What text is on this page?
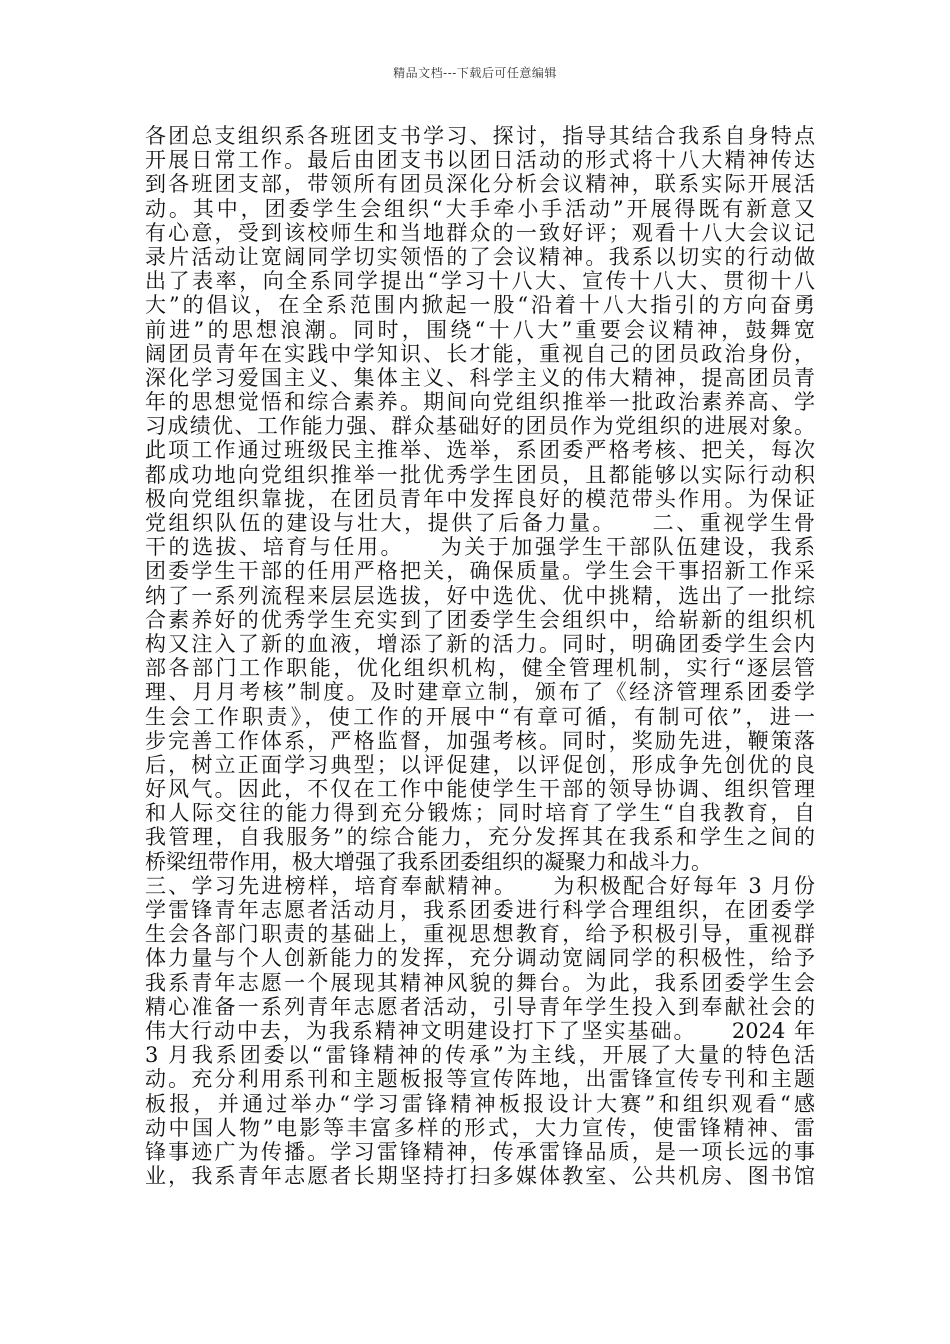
精品文档---下载后可任意编辑
各团总支组织系各班团支书学习、探讨，指导其结合我系自身特点
开展日常工作。最后由团支书以团日活动的形式将十八大精神传达
到各班团支部，带领所有团员深化分析会议精神，联系实际开展活
动。其中，团委学生会组织“大手牵小手活动”开展得既有新意又
有心意，受到该校师生和当地群众的一致好评；观看十八大会议记
录片活动让宽阔同学切实领悟的了会议精神。我系以切实的行动做
出了表率，向全系同学提出“学习十八大、宣传十八大、贯彻十八
大”的倡议，在全系范围内掀起一股“沿着十八大指引的方向奋勇
前进”的思想浪潮。同时，围绕“十八大”重要会议精神，鼓舞宽
阔团员青年在实践中学知识、长才能，重视自己的团员政治身份，
深化学习爱国主义、集体主义、科学主义的伟大精神，提高团员青
年的思想觉悟和综合素养。期间向党组织推举一批政治素养高、学
习成绩优、工作能力强、群众基础好的团员作为党组织的进展对象。
此项工作通过班级民主推举、选举，系团委严格考核、把关，每次
都成功地向党组织推举一批优秀学生团员，且都能够以实际行动积
极向党组织靠拢，在团员青年中发挥良好的模范带头作用。为保证
党组织队伍的建设与壮大，提供了后备力量。　　二、重视学生骨
干的选拔、培育与任用。　　为关于加强学生干部队伍建设，我系
团委学生干部的任用严格把关，确保质量。学生会干事招新工作采
纳了一系列流程来层层选拔，好中选优、优中挑精，选出了一批综
合素养好的优秀学生充实到了团委学生会组织中，给崭新的组织机
构又注入了新的血液，增添了新的活力。同时，明确团委学生会内
部各部门工作职能，优化组织机构，健全管理机制，实行“逐层管
理、月月考核”制度。及时建章立制，颁布了《经济管理系团委学
生会工作职责》，使工作的开展中“有章可循，有制可依”，进一
步完善工作体系，严格监督，加强考核。同时，奖励先进，鞭策落
后，树立正面学习典型；以评促建，以评促创，形成争先创优的良
好风气。因此，不仅在工作中能使学生干部的领导协调、组织管理
和人际交往的能力得到充分锻炼；同时培育了学生“自我教育，自
我管理，自我服务”的综合能力，充分发挥其在我系和学生之间的
桥梁纽带作用，极大增强了我系团委组织的凝聚力和战斗力。
三、学习先进榜样，培育奉献精神。　　为积极配合好每年 3 月份
学雷锋青年志愿者活动月，我系团委进行科学合理组织，在团委学
生会各部门职责的基础上，重视思想教育，给予积极引导，重视群
体力量与个人创新能力的发挥，充分调动宽阔同学的积极性，给予
我系青年志愿一个展现其精神风貌的舞台。为此，我系团委学生会
精心准备一系列青年志愿者活动，引导青年学生投入到奉献社会的
伟大行动中去，为我系精神文明建设打下了坚实基础。　　2024 年
3 月我系团委以“雷锋精神的传承”为主线，开展了大量的特色活
动。充分利用系刊和主题板报等宣传阵地，出雷锋宣传专刊和主题
板报，并通过举办“学习雷锋精神板报设计大赛”和组织观看“感
动中国人物”电影等丰富多样的形式，大力宣传，使雷锋精神、雷
锋事迹广为传播。学习雷锋精神，传承雷锋品质，是一项长远的事
业，我系青年志愿者长期坚持打扫多媒体教室、公共机房、图书馆
